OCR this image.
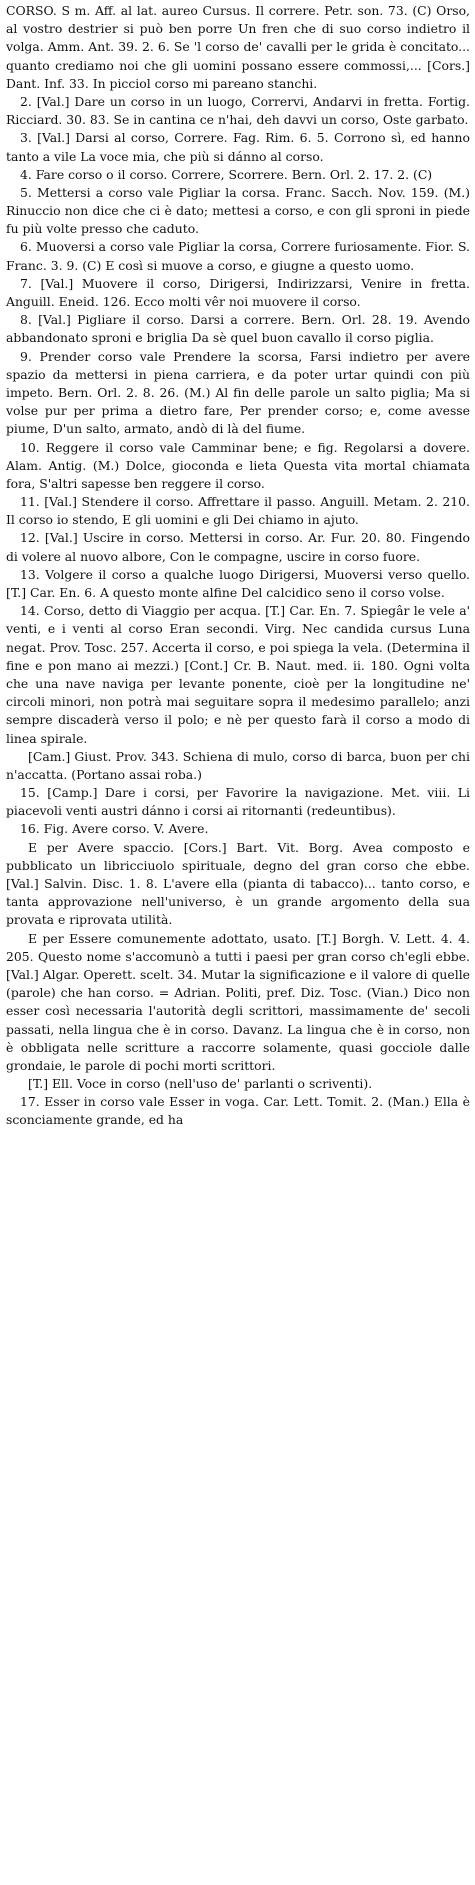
CORSO. S m. Aff. al lat. aureo Cursus. Il correre. Petr. son. 73. (C) Orso, al vostro destrier si può ben porre Un fren che di suo corso indietro il volga. Amm. Ant. 39. 2. 6. Se 'l corso de' cavalli per le grida è concitato... quanto crediamo noi che gli uomini possano essere commossi,... [Cors.] Dant. Inf. 33. In picciol corso mi pareano stanchi.

2. [Val.] Dare un corso in un luogo, Corrervi, Andarvi in fretta. Fortig. Ricciard. 30. 83. Se in cantina ce n'hai, deh davvi un corso, Oste garbato.

3. [Val.] Darsi al corso, Correre. Fag. Rim. 6. 5. Corrono sì, ed hanno tanto a vile La voce mia, che più si dánno al corso.

4. Fare corso o il corso. Correre, Scorrere. Bern. Orl. 2. 17. 2. (C)

5. Mettersi a corso vale Pigliar la corsa. Franc. Sacch. Nov. 159. (M.) Rinuccio non dice che ci è dato; mettesi a corso, e con gli sproni in piede fu più volte presso che caduto.

6. Muoversi a corso vale Pigliar la corsa, Correre furiosamente. Fior. S. Franc. 3. 9. (C) E così si muove a corso, e giugne a questo uomo.

7. [Val.] Muovere il corso, Dirigersi, Indirizzarsi, Venire in fretta. Anguill. Eneid. 126. Ecco molti vêr noi muovere il corso.

8. [Val.] Pigliare il corso. Darsi a correre. Bern. Orl. 28. 19. Avendo abbandonato sproni e briglia Da sè quel buon cavallo il corso piglia.

9. Prender corso vale Prendere la scorsa, Farsi indietro per avere spazio da mettersi in piena carriera, e da poter urtar quindi con più impeto. Bern. Orl. 2. 8. 26. (M.) Al fin delle parole un salto piglia; Ma si volse pur per prima a dietro fare, Per prender corso; e, come avesse piume, D'un salto, armato, andò di là del fiume.

10. Reggere il corso vale Camminar bene; e fig. Regolarsi a dovere. Alam. Antig. (M.) Dolce, gioconda e lieta Questa vita mortal chiamata fora, S'altri sapesse ben reggere il corso.

11. [Val.] Stendere il corso. Affrettare il passo. Anguill. Metam. 2. 210. Il corso io stendo, E gli uomini e gli Dei chiamo in ajuto.

12. [Val.] Uscire in corso. Mettersi in corso. Ar. Fur. 20. 80. Fingendo di volere al nuovo albore, Con le compagne, uscire in corso fuore.

13. Volgere il corso a qualche luogo Dirigersi, Muoversi verso quello. [T.] Car. En. 6. A questo monte alfine Del calcidico seno il corso volse.

14. Corso, detto di Viaggio per acqua. [T.] Car. En. 7. Spiegâr le vele a' venti, e i venti al corso Eran secondi. Virg. Nec candida cursus Luna negat. Prov. Tosc. 257. Accerta il corso, e poi spiega la vela. (Determina il fine e pon mano ai mezzi.) [Cont.] Cr. B. Naut. med. ii. 180. Ogni volta che una nave naviga per levante ponente, cioè per la longitudine ne' circoli minori, non potrà mai seguitare sopra il medesimo parallelo; anzi sempre discaderà verso il polo; e nè per questo farà il corso a modo di linea spirale.

[Cam.] Giust. Prov. 343. Schiena di mulo, corso di barca, buon per chi n'accatta. (Portano assai roba.)

15. [Camp.] Dare i corsi, per Favorire la navigazione. Met. viii. Li piacevoli venti austri dánno i corsi ai ritornanti (redeuntibus).

16. Fig. Avere corso. V. Avere.

E per Avere spaccio. [Cors.] Bart. Vit. Borg. Avea composto e pubblicato un libricciuolo spirituale, degno del gran corso che ebbe. [Val.] Salvin. Disc. 1. 8. L'avere ella (pianta di tabacco)... tanto corso, e tanta approvazione nell'universo, è un grande argomento della sua provata e riprovata utilità.

E per Essere comunemente adottato, usato. [T.] Borgh. V. Lett. 4. 4. 205. Questo nome s'accomunò a tutti i paesi per gran corso ch'egli ebbe. [Val.] Algar. Operett. scelt. 34. Mutar la significazione e il valore di quelle (parole) che han corso. = Adrian. Politi, pref. Diz. Tosc. (Vian.) Dico non esser così necessaria l'autorità degli scrittori, massimamente de' secoli passati, nella lingua che è in corso. Davanz. La lingua che è in corso, non è obbligata nelle scritture a raccorre solamente, quasi gocciole dalle grondaie, le parole di pochi morti scrittori.

[T.] Ell. Voce in corso (nell'uso de' parlanti o scriventi).

17. Esser in corso vale Esser in voga. Car. Lett. Tomit. 2. (Man.) Ella è sconciamente grande, ed ha
